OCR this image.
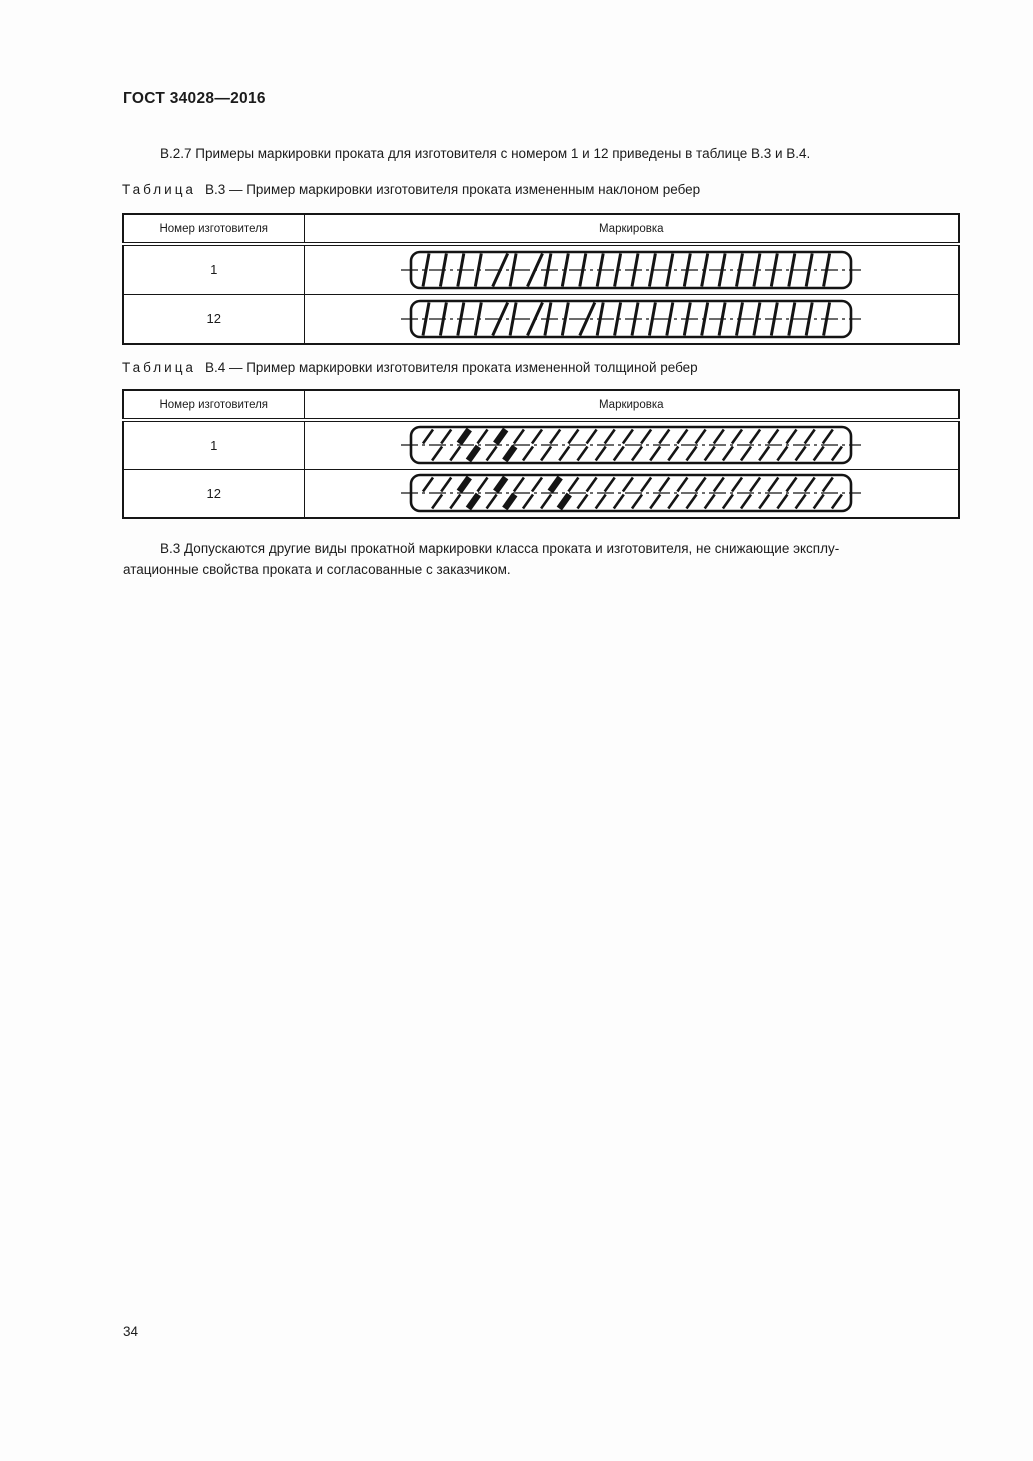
ГОСТ 34028—2016

В.2.7 Примеры маркировки проката для изготовителя с номером 1 и 12 приведены в таблице В.3 и В.4.

Таблица В.3 — Пример маркировки изготовителя проката измененным наклоном ребер
Номер изготовителя	Маркировка
1	

12	
Таблица В.4 — Пример маркировки изготовителя проката измененной толщиной ребер
Номер изготовителя	Маркировка
1	

12	
В.3 Допускаются другие виды прокатной маркировки класса проката и изготовителя, не снижающие эксплу-
атационные свойства проката и согласованные с заказчиком.
34
